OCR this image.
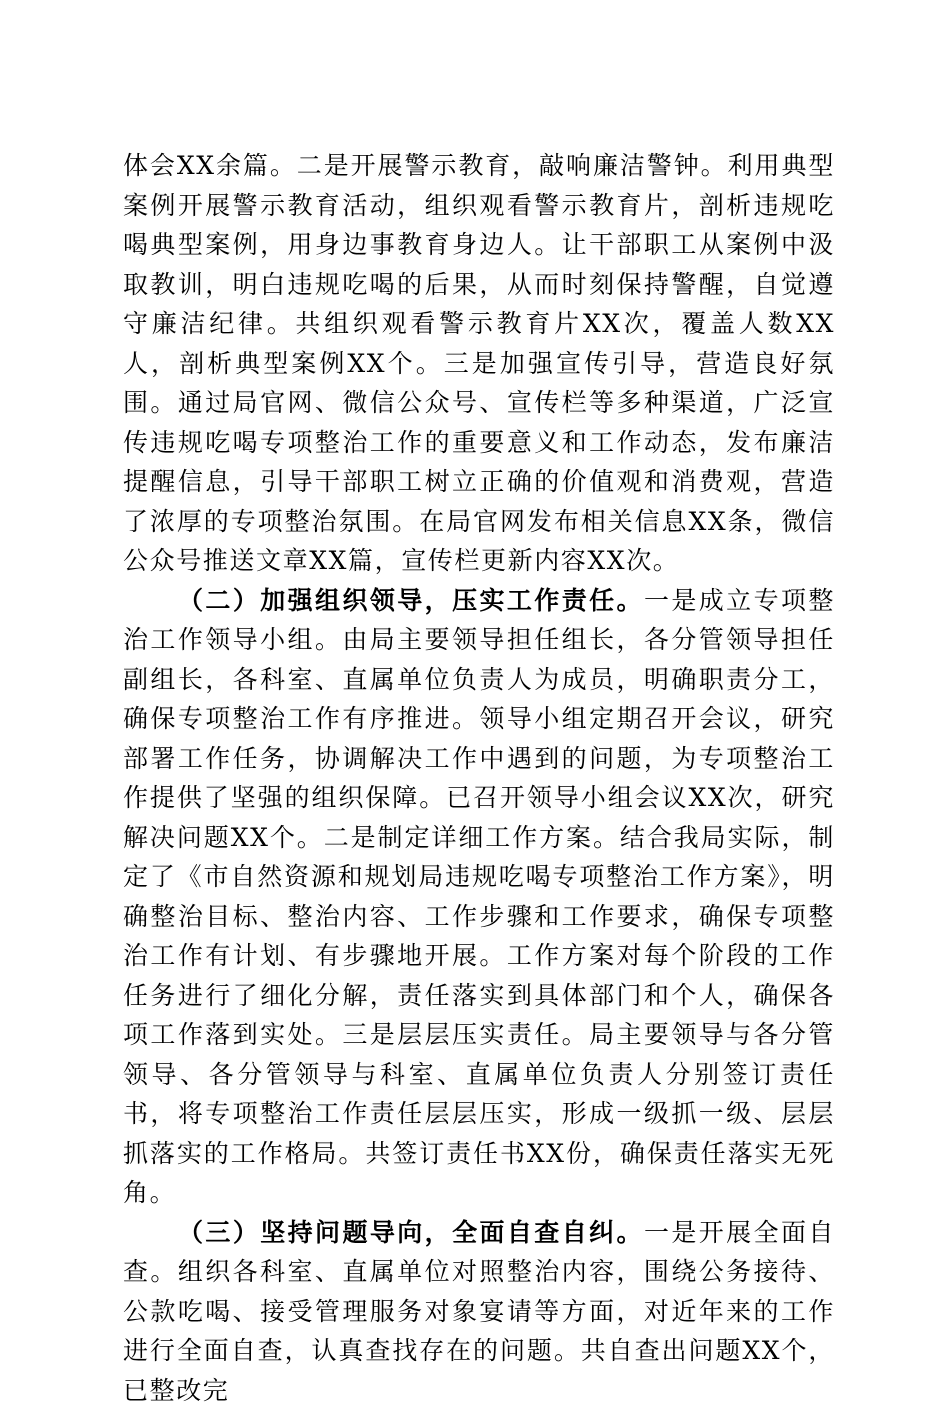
体会XX余篇。二是开展警示教育，敲响廉洁警钟。利用典型案例开展警示教育活动，组织观看警示教育片，剖析违规吃喝典型案例，用身边事教育身边人。让干部职工从案例中汲取教训，明白违规吃喝的后果，从而时刻保持警醒，自觉遵守廉洁纪律。共组织观看警示教育片XX次，覆盖人数XX人，剖析典型案例XX个。三是加强宣传引导，营造良好氛围。通过局官网、微信公众号、宣传栏等多种渠道，广泛宣传违规吃喝专项整治工作的重要意义和工作动态，发布廉洁提醒信息，引导干部职工树立正确的价值观和消费观，营造了浓厚的专项整治氛围。在局官网发布相关信息XX条，微信公众号推送文章XX篇，宣传栏更新内容XX次。

（二）加强组织领导，压实工作责任。一是成立专项整治工作领导小组。由局主要领导担任组长，各分管领导担任副组长，各科室、直属单位负责人为成员，明确职责分工，确保专项整治工作有序推进。领导小组定期召开会议，研究部署工作任务，协调解决工作中遇到的问题，为专项整治工作提供了坚强的组织保障。已召开领导小组会议XX次，研究解决问题XX个。二是制定详细工作方案。结合我局实际，制定了《市自然资源和规划局违规吃喝专项整治工作方案》，明确整治目标、整治内容、工作步骤和工作要求，确保专项整治工作有计划、有步骤地开展。工作方案对每个阶段的工作任务进行了细化分解，责任落实到具体部门和个人，确保各项工作落到实处。三是层层压实责任。局主要领导与各分管领导、各分管领导与科室、直属单位负责人分别签订责任书，将专项整治工作责任层层压实，形成一级抓一级、层层抓落实的工作格局。共签订责任书XX份，确保责任落实无死角。

（三）坚持问题导向，全面自查自纠。一是开展全面自查。组织各科室、直属单位对照整治内容，围绕公务接待、公款吃喝、接受管理服务对象宴请等方面，对近年来的工作进行全面自查，认真查找存在的问题。共自查出问题XX个，已整改完
